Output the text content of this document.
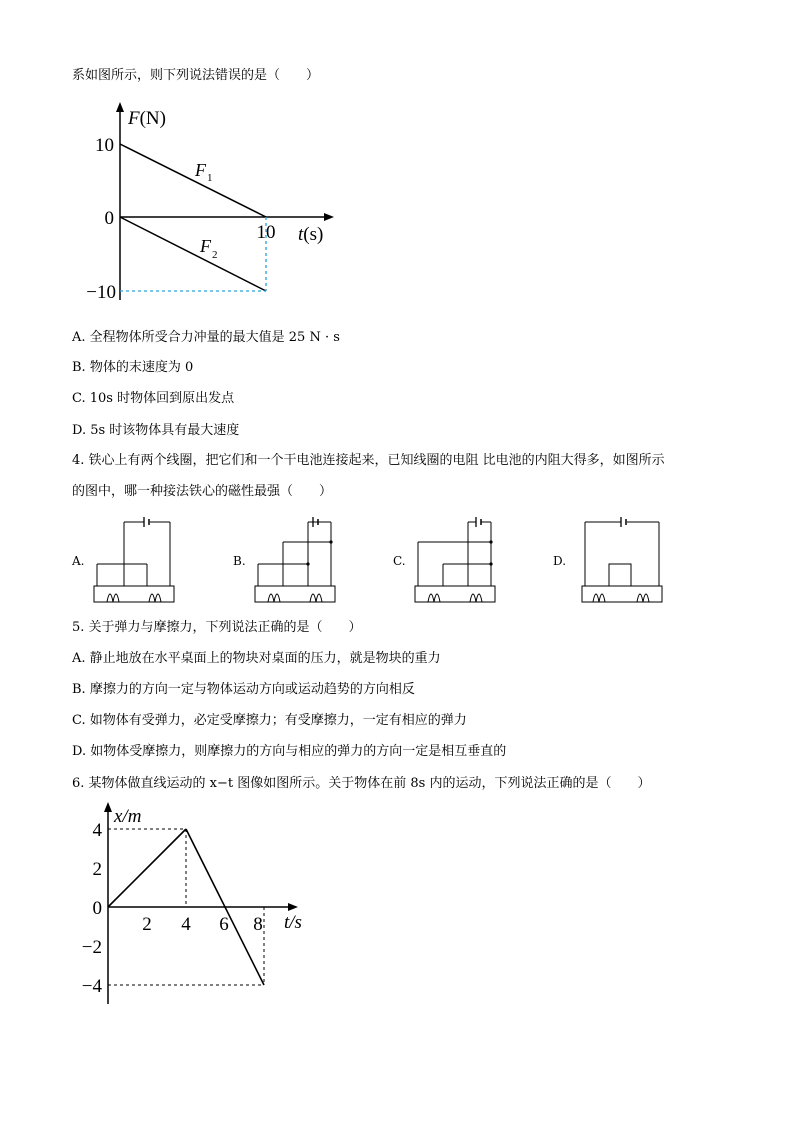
系如图所示，则下列说法错误的是（　　）
F(N)
10
0
−10
10 t(s)
F 1
F 2
A. 全程物体所受合力冲量的最大值是 25 N · s
B. 物体的末速度为 0
C. 10s 时物体回到原出发点
D. 5s 时该物体具有最大速度
4. 铁心上有两个线圈，把它们和一个干电池连接起来，已知线圈的电阻 比电池的内阻大得多，如图所示
的图中，哪一种接法铁心的磁性最强（　　）
A.	B.	C.	D.
5. 关于弹力与摩擦力，下列说法正确的是（　　）
A. 静止地放在水平桌面上的物块对桌面的压力，就是物块的重力
B. 摩擦力的方向一定与物体运动方向或运动趋势的方向相反
C. 如物体有受弹力，必定受摩擦力；有受摩擦力，一定有相应的弹力
D. 如物体受摩擦力，则摩擦力的方向与相应的弹力的方向一定是相互垂直的
6. 某物体做直线运动的 x−t 图像如图所示。关于物体在前 8s 内的运动，下列说法正确的是（　　）
x/m
t/s
4
2
0
−2
−4
2 4 6 8
